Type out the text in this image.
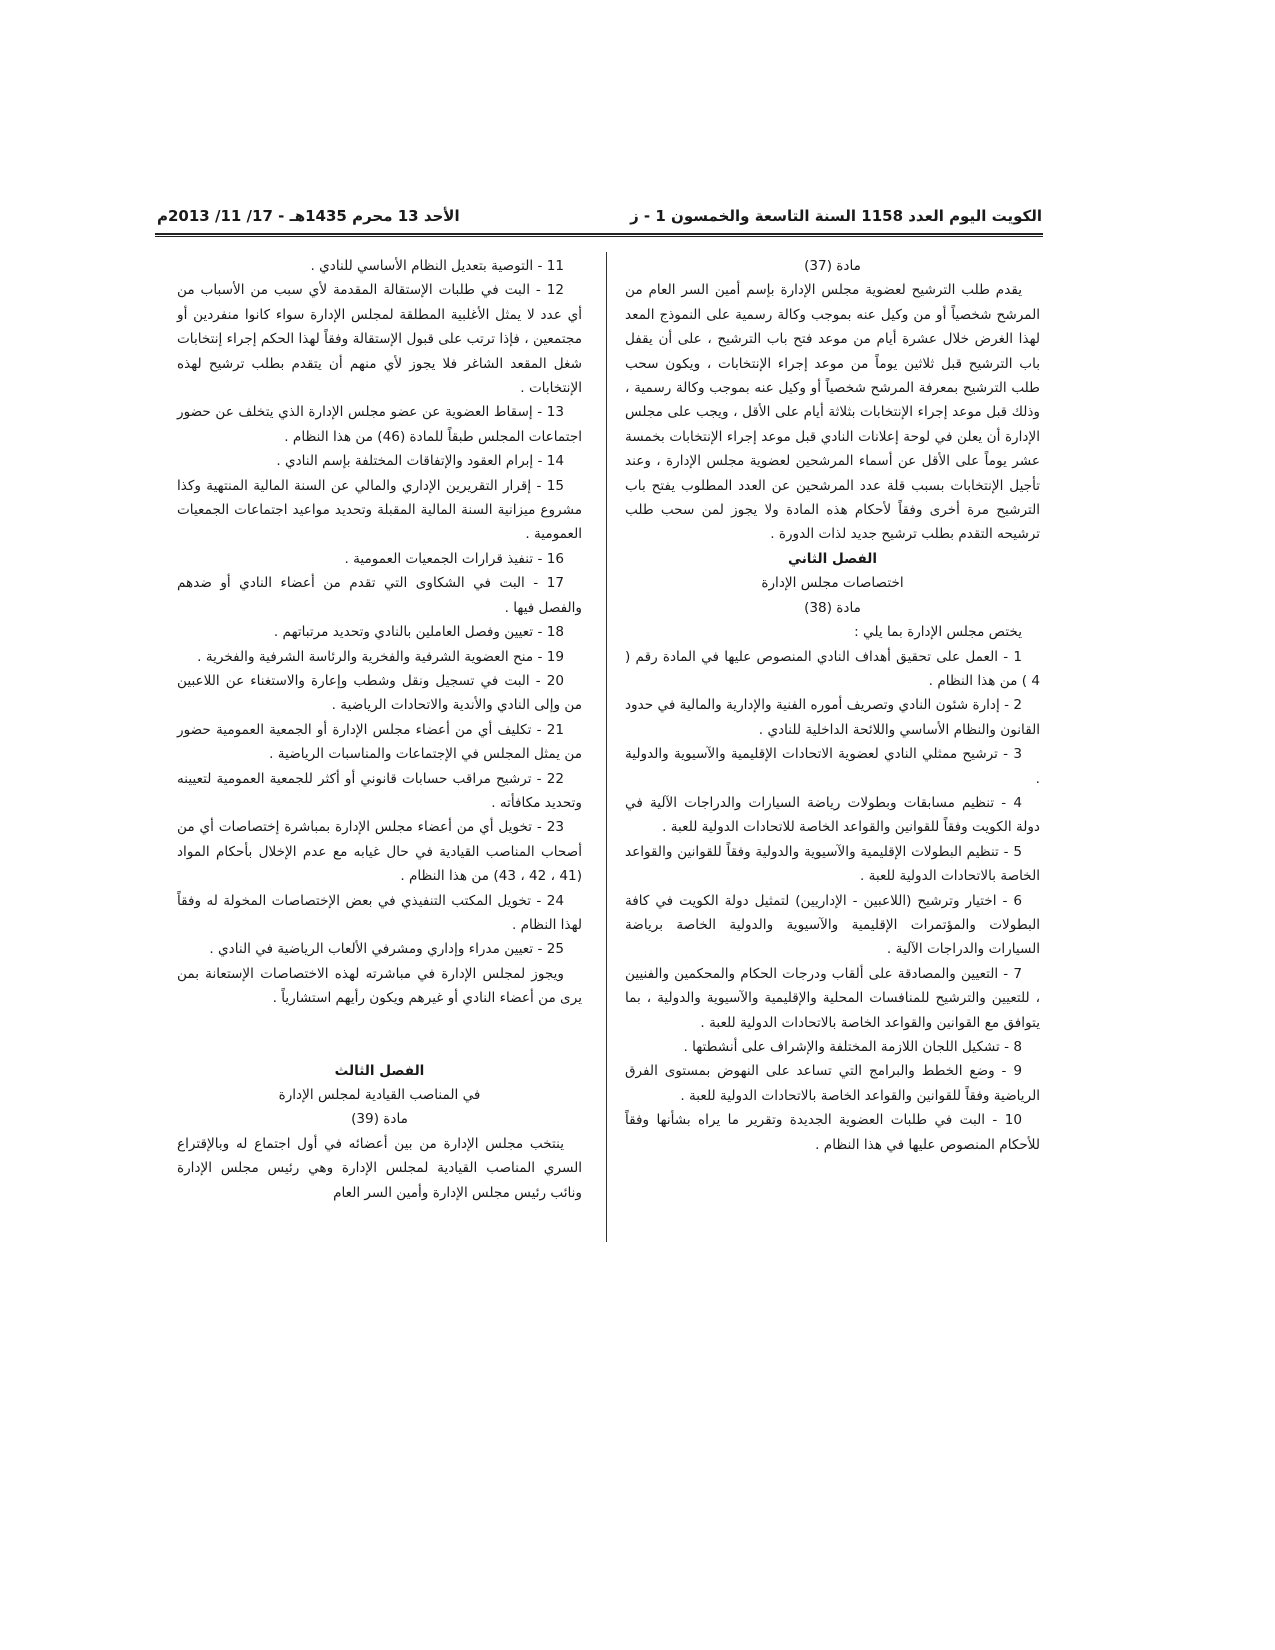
الكويت اليوم العدد 1158 السنة التاسعة والخمسون 1 - ز
الأحد 13 محرم 1435هـ - 17/ 11/ 2013م

مادة (37)

يقدم طلب الترشيح لعضوية مجلس الإدارة بإسم أمين السر العام من المرشح شخصياً أو من وكيل عنه بموجب وكالة رسمية على النموذج المعد لهذا الغرض خلال عشرة أيام من موعد فتح باب الترشيح ، على أن يقفل باب الترشيح قبل ثلاثين يوماً من موعد إجراء الإنتخابات ، ويكون سحب طلب الترشيح بمعرفة المرشح شخصياً أو وكيل عنه بموجب وكالة رسمية ، وذلك قبل موعد إجراء الإنتخابات بثلاثة أيام على الأقل ، ويجب على مجلس الإدارة أن يعلن في لوحة إعلانات النادي قبل موعد إجراء الإنتخابات بخمسة عشر يوماً على الأقل عن أسماء المرشحين لعضوية مجلس الإدارة ، وعند تأجيل الإنتخابات بسبب قلة عدد المرشحين عن العدد المطلوب يفتح باب الترشيح مرة أخرى وفقاً لأحكام هذه المادة ولا يجوز لمن سحب طلب ترشيحه التقدم بطلب ترشيح جديد لذات الدورة .

الفصل الثاني

اختصاصات مجلس الإدارة

مادة (38)

يختص مجلس الإدارة بما يلي :

1 - العمل على تحقيق أهداف النادي المنصوص عليها في المادة رقم ( 4 ) من هذا النظام .

2 - إدارة شئون النادي وتصريف أموره الفنية والإدارية والمالية في حدود القانون والنظام الأساسي واللائحة الداخلية للنادي .

3 - ترشيح ممثلي النادي لعضوية الاتحادات الإقليمية والآسيوية والدولية .

4 - تنظيم مسابقات وبطولات رياضة السيارات والدراجات الآلية في دولة الكويت وفقاً للقوانين والقواعد الخاصة للاتحادات الدولية للعبة .

5 - تنظيم البطولات الإقليمية والآسيوية والدولية وفقاً للقوانين والقواعد الخاصة بالاتحادات الدولية للعبة .

6 - اختيار وترشيح (اللاعبين - الإداريين) لتمثيل دولة الكويت في كافة البطولات والمؤتمرات الإقليمية والآسيوية والدولية الخاصة برياضة السيارات والدراجات الآلية .

7 - التعيين والمصادقة على ألقاب ودرجات الحكام والمحكمين والفنيين ، للتعيين والترشيح للمنافسات المحلية والإقليمية والآسيوية والدولية ، بما يتوافق مع القوانين والقواعد الخاصة بالاتحادات الدولية للعبة .

8 - تشكيل اللجان اللازمة المختلفة والإشراف على أنشطتها .

9 - وضع الخطط والبرامج التي تساعد على النهوض بمستوى الفرق الرياضية وفقاً للقوانين والقواعد الخاصة بالاتحادات الدولية للعبة .

10 - البت في طلبات العضوية الجديدة وتقرير ما يراه بشأنها وفقاً للأحكام المنصوص عليها في هذا النظام .

11 - التوصية بتعديل النظام الأساسي للنادي .

12 - البت في طلبات الإستقالة المقدمة لأي سبب من الأسباب من أي عدد لا يمثل الأغلبية المطلقة لمجلس الإدارة سواء كانوا منفردين أو مجتمعين ، فإذا ترتب على قبول الإستقالة وفقاً لهذا الحكم إجراء إنتخابات شغل المقعد الشاغر فلا يجوز لأي منهم أن يتقدم بطلب ترشيح لهذه الإنتخابات .

13 - إسقاط العضوية عن عضو مجلس الإدارة الذي يتخلف عن حضور اجتماعات المجلس طبقاً للمادة (46) من هذا النظام .

14 - إبرام العقود والإتفاقات المختلفة بإسم النادي .

15 - إقرار التقريرين الإداري والمالي عن السنة المالية المنتهية وكذا مشروع ميزانية السنة المالية المقبلة وتحديد مواعيد اجتماعات الجمعيات العمومية .

16 - تنفيذ قرارات الجمعيات العمومية .

17 - البت في الشكاوى التي تقدم من أعضاء النادي أو ضدهم والفصل فيها .

18 - تعيين وفصل العاملين بالنادي وتحديد مرتباتهم .

19 - منح العضوية الشرفية والفخرية والرئاسة الشرفية والفخرية .

20 - البت في تسجيل ونقل وشطب وإعارة والاستغناء عن اللاعبين من وإلى النادي والأندية والاتحادات الرياضية .

21 - تكليف أي من أعضاء مجلس الإدارة أو الجمعية العمومية حضور من يمثل المجلس في الإجتماعات والمناسبات الرياضية .

22 - ترشيح مراقب حسابات قانوني أو أكثر للجمعية العمومية لتعيينه وتحديد مكافأته .

23 - تخويل أي من أعضاء مجلس الإدارة بمباشرة إختصاصات أي من أصحاب المناصب القيادية في حال غيابه مع عدم الإخلال بأحكام المواد (41 ، 42 ، 43) من هذا النظام .

24 - تخويل المكتب التنفيذي في بعض الإختصاصات المخولة له وفقاً لهذا النظام .

25 - تعيين مدراء وإداري ومشرفي الألعاب الرياضية في النادي .

ويجوز لمجلس الإدارة في مباشرته لهذه الاختصاصات الإستعانة بمن يرى من أعضاء النادي أو غيرهم ويكون رأيهم استشارياً .

الفصل الثالث

في المناصب القيادية لمجلس الإدارة

مادة (39)

ينتخب مجلس الإدارة من بين أعضائه في أول اجتماع له وبالإقتراع السري المناصب القيادية لمجلس الإدارة وهي رئيس مجلس الإدارة ونائب رئيس مجلس الإدارة وأمين السر العام
